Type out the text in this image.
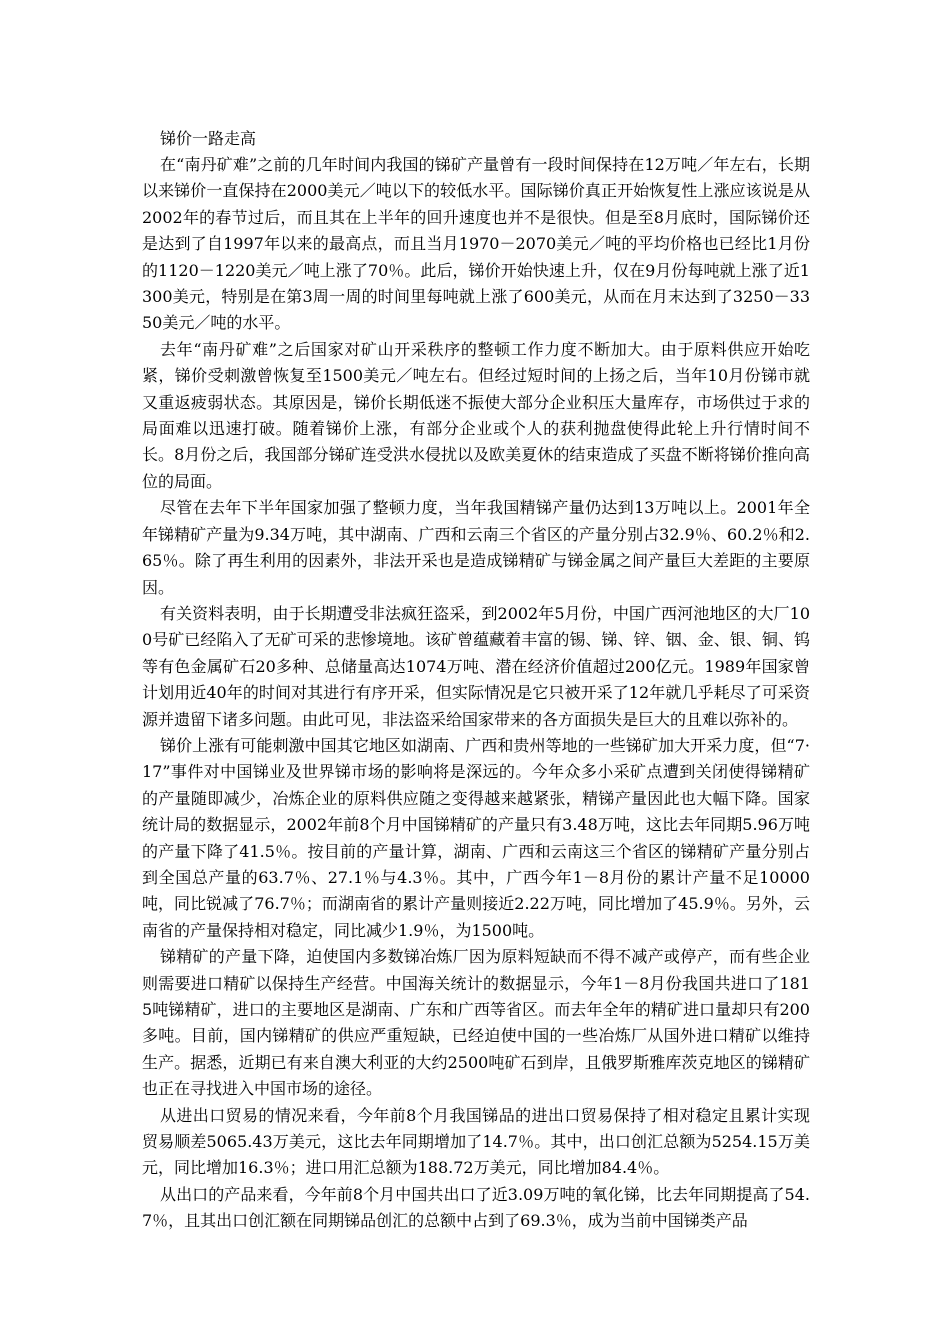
锑价一路走高

在“南丹矿难”之前的几年时间内我国的锑矿产量曾有一段时间保持在12万吨／年左右，长期以来锑价一直保持在2000美元／吨以下的较低水平。国际锑价真正开始恢复性上涨应该说是从2002年的春节过后，而且其在上半年的回升速度也并不是很快。但是至8月底时，国际锑价还是达到了自1997年以来的最高点，而且当月1970－2070美元／吨的平均价格也已经比1月份的1120－1220美元／吨上涨了70％。此后，锑价开始快速上升，仅在9月份每吨就上涨了近1300美元，特别是在第3周一周的时间里每吨就上涨了600美元，从而在月末达到了3250－3350美元／吨的水平。

去年“南丹矿难”之后国家对矿山开采秩序的整顿工作力度不断加大。由于原料供应开始吃紧，锑价受刺激曾恢复至1500美元／吨左右。但经过短时间的上扬之后，当年10月份锑市就又重返疲弱状态。其原因是，锑价长期低迷不振使大部分企业积压大量库存，市场供过于求的局面难以迅速打破。随着锑价上涨，有部分企业或个人的获利抛盘使得此轮上升行情时间不长。8月份之后，我国部分锑矿连受洪水侵扰以及欧美夏休的结束造成了买盘不断将锑价推向高位的局面。

尽管在去年下半年国家加强了整顿力度，当年我国精锑产量仍达到13万吨以上。2001年全年锑精矿产量为9.34万吨，其中湖南、广西和云南三个省区的产量分别占32.9％、60.2％和2.65％。除了再生利用的因素外，非法开采也是造成锑精矿与锑金属之间产量巨大差距的主要原因。

有关资料表明，由于长期遭受非法疯狂盗采，到2002年5月份，中国广西河池地区的大厂100号矿已经陷入了无矿可采的悲惨境地。该矿曾蕴藏着丰富的锡、锑、锌、铟、金、银、铜、钨等有色金属矿石20多种、总储量高达1074万吨、潜在经济价值超过200亿元。1989年国家曾计划用近40年的时间对其进行有序开采，但实际情况是它只被开采了12年就几乎耗尽了可采资源并遗留下诸多问题。由此可见，非法盗采给国家带来的各方面损失是巨大的且难以弥补的。

锑价上涨有可能刺激中国其它地区如湖南、广西和贵州等地的一些锑矿加大开采力度，但“7·17”事件对中国锑业及世界锑市场的影响将是深远的。今年众多小采矿点遭到关闭使得锑精矿的产量随即减少，冶炼企业的原料供应随之变得越来越紧张，精锑产量因此也大幅下降。国家统计局的数据显示，2002年前8个月中国锑精矿的产量只有3.48万吨，这比去年同期5.96万吨的产量下降了41.5％。按目前的产量计算，湖南、广西和云南这三个省区的锑精矿产量分别占到全国总产量的63.7％、27.1％与4.3％。其中，广西今年1－8月份的累计产量不足10000吨，同比锐减了76.7％；而湖南省的累计产量则接近2.22万吨，同比增加了45.9％。另外，云南省的产量保持相对稳定，同比减少1.9％，为1500吨。

锑精矿的产量下降，迫使国内多数锑冶炼厂因为原料短缺而不得不减产或停产，而有些企业则需要进口精矿以保持生产经营。中国海关统计的数据显示，今年1－8月份我国共进口了1815吨锑精矿，进口的主要地区是湖南、广东和广西等省区。而去年全年的精矿进口量却只有200多吨。目前，国内锑精矿的供应严重短缺，已经迫使中国的一些冶炼厂从国外进口精矿以维持生产。据悉，近期已有来自澳大利亚的大约2500吨矿石到岸，且俄罗斯雅库茨克地区的锑精矿也正在寻找进入中国市场的途径。

从进出口贸易的情况来看，今年前8个月我国锑品的进出口贸易保持了相对稳定且累计实现贸易顺差5065.43万美元，这比去年同期增加了14.7％。其中，出口创汇总额为5254.15万美元，同比增加16.3％；进口用汇总额为188.72万美元，同比增加84.4％。

从出口的产品来看，今年前8个月中国共出口了近3.09万吨的氧化锑，比去年同期提高了54.7％，且其出口创汇额在同期锑品创汇的总额中占到了69.3％，成为当前中国锑类产品
